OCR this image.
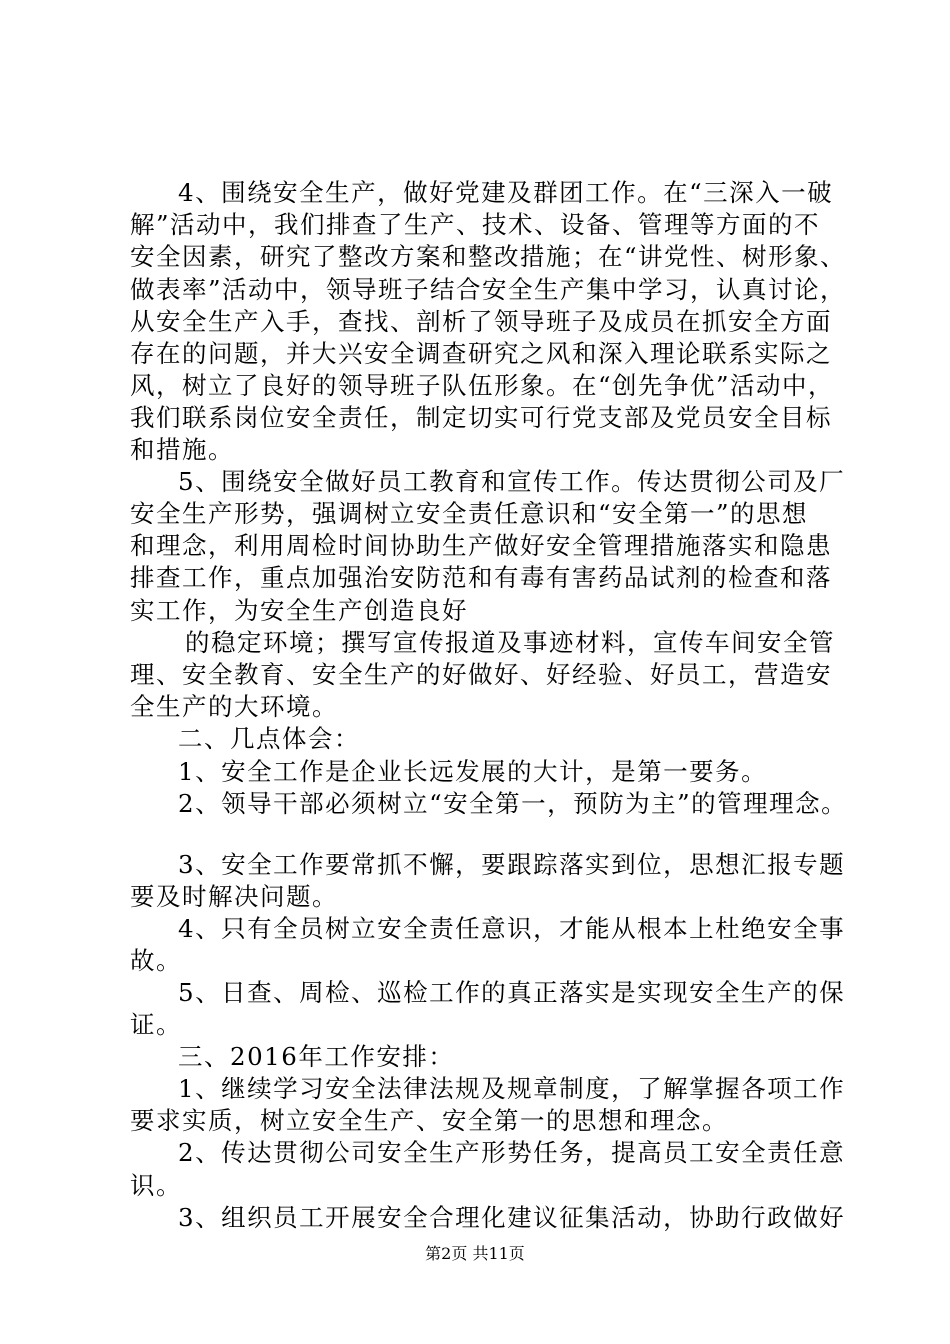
第2页 共11页
4、围绕安全生产，做好党建及群团工作。在“三深入一破
解”活动中，我们排查了生产、技术、设备、管理等方面的不
安全因素，研究了整改方案和整改措施；在“讲党性、树形象、
做表率”活动中，领导班子结合安全生产集中学习，认真讨论，
从安全生产入手，查找、剖析了领导班子及成员在抓安全方面
存在的问题，并大兴安全调查研究之风和深入理论联系实际之
风，树立了良好的领导班子队伍形象。在“创先争优”活动中，
我们联系岗位安全责任，制定切实可行党支部及党员安全目标
和措施。
5、围绕安全做好员工教育和宣传工作。传达贯彻公司及厂
安全生产形势，强调树立安全责任意识和“安全第一”的思想
和理念，利用周检时间协助生产做好安全管理措施落实和隐患
排查工作，重点加强治安防范和有毒有害药品试剂的检查和落
实工作，为安全生产创造良好
的稳定环境；撰写宣传报道及事迹材料，宣传车间安全管
理、安全教育、安全生产的好做好、好经验、好员工，营造安
全生产的大环境。
二、几点体会：
1、安全工作是企业长远发展的大计，是第一要务。
2、领导干部必须树立“安全第一，预防为主”的管理理念。
3、安全工作要常抓不懈，要跟踪落实到位，思想汇报专题
要及时解决问题。
4、只有全员树立安全责任意识，才能从根本上杜绝安全事
故。
5、日查、周检、巡检工作的真正落实是实现安全生产的保
证。
三、2016年工作安排：
1、继续学习安全法律法规及规章制度，了解掌握各项工作
要求实质，树立安全生产、安全第一的思想和理念。
2、传达贯彻公司安全生产形势任务，提高员工安全责任意
识。
3、组织员工开展安全合理化建议征集活动，协助行政做好
